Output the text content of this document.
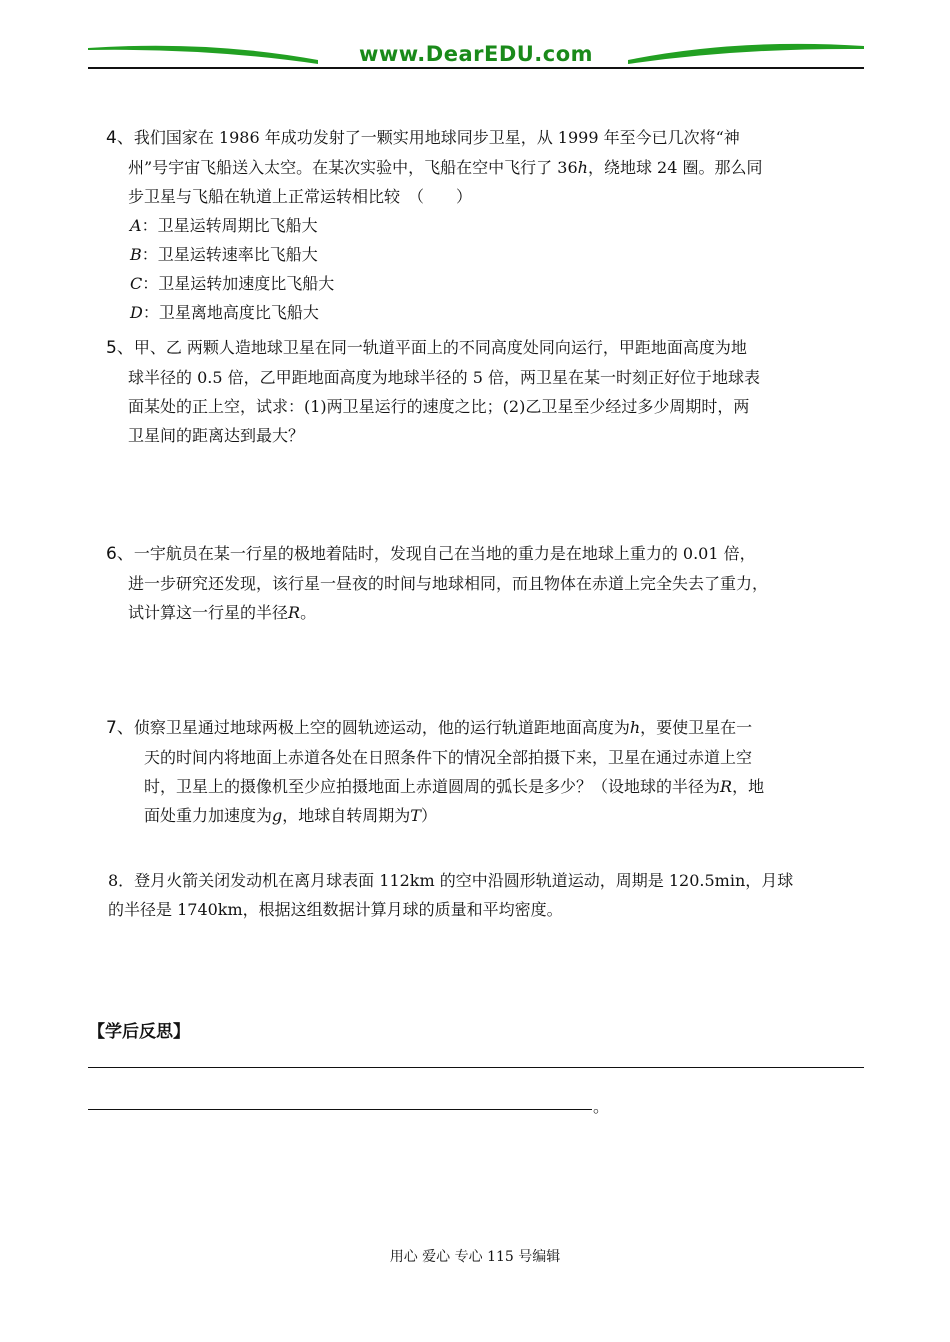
www.DearEDU.com
4、我们国家在 1986 年成功发射了一颗实用地球同步卫星，从 1999 年至今已几次将“神
州”号宇宙飞船送入太空。在某次实验中，飞船在空中飞行了 36h，绕地球 24 圈。那么同
步卫星与飞船在轨道上正常运转相比较　（　　）
A：卫星运转周期比飞船大
B：卫星运转速率比飞船大
C：卫星运转加速度比飞船大
D：卫星离地高度比飞船大
5、甲、乙 两颗人造地球卫星在同一轨道平面上的不同高度处同向运行，甲距地面高度为地
球半径的 0.5 倍，乙甲距地面高度为地球半径的 5 倍，两卫星在某一时刻正好位于地球表
面某处的正上空，试求：(1)两卫星运行的速度之比；(2)乙卫星至少经过多少周期时，两
卫星间的距离达到最大？
6、一宇航员在某一行星的极地着陆时，发现自己在当地的重力是在地球上重力的 0.01 倍，
进一步研究还发现，该行星一昼夜的时间与地球相同，而且物体在赤道上完全失去了重力，
试计算这一行星的半径R。
7、侦察卫星通过地球两极上空的圆轨迹运动，他的运行轨道距地面高度为h，要使卫星在一
天的时间内将地面上赤道各处在日照条件下的情况全部拍摄下来，卫星在通过赤道上空
时，卫星上的摄像机至少应拍摄地面上赤道圆周的弧长是多少？（设地球的半径为R，地
面处重力加速度为g，地球自转周期为T）
8．登月火箭关闭发动机在离月球表面 112km 的空中沿圆形轨道运动，周期是 120.5min，月球
的半径是 1740km，根据这组数据计算月球的质量和平均密度。
【学后反思】
。
用心 爱心 专心 115 号编辑
